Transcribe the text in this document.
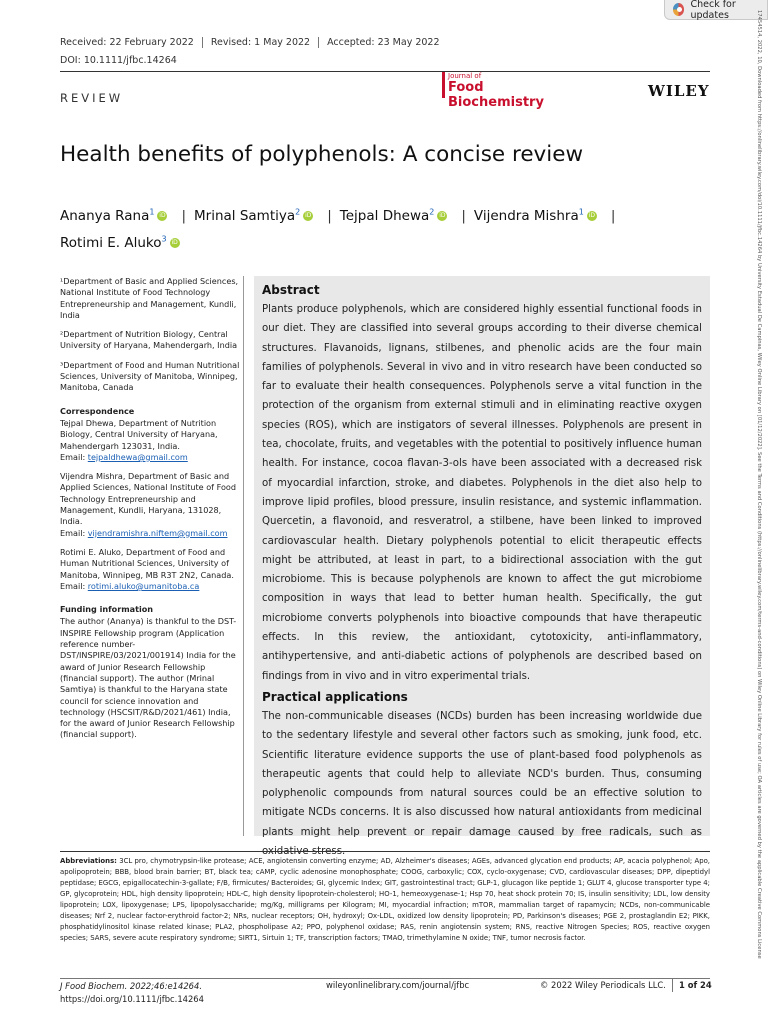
Check for updates	17454514, 2022, 10, Downloaded from https://onlinelibrary.wiley.com/doi/10.1111/jfbc.14264 by University Estadual De Campinas, Wiley Online Library on [01/12/2022]. See the Terms and Conditions (https://onlinelibrary.wiley.com/terms-and-conditions) on Wiley Online Library for rules of use; OA articles are governed by the applicable Creative Commons License
Received: 22 February 2022	Revised: 1 May 2022	Accepted: 23 May 2022
DOI: 10.1111/jfbc.14264
Journal of
Food Biochemistry
WILEY
REVIEW
Health benefits of polyphenols: A concise review
Ananya Rana$^1$ iD | Mrinal Samtiya$^2$ iD | Tejpal Dhewa$^2$ iD | Vijendra Mishra$^1$ iD |
Rotimi E. Aluko$^3$ iD

¹Department of Basic and Applied Sciences, National Institute of Food Technology Entrepreneurship and Management, Kundli, India

²Department of Nutrition Biology, Central University of Haryana, Mahendergarh, India

³Department of Food and Human Nutritional Sciences, University of Manitoba, Winnipeg, Manitoba, Canada

Correspondence

Tejpal Dhewa, Department of Nutrition Biology, Central University of Haryana, Mahendergarh 123031, India.
Email: tejpaldhewa@gmail.com

Vijendra Mishra, Department of Basic and Applied Sciences, National Institute of Food Technology Entrepreneurship and Management, Kundli, Haryana, 131028, India.
Email: vijendramishra.niftem@gmail.com

Rotimi E. Aluko, Department of Food and Human Nutritional Sciences, University of Manitoba, Winnipeg, MB R3T 2N2, Canada.
Email: rotimi.aluko@umanitoba.ca

Funding information

The author (Ananya) is thankful to the DST-INSPIRE Fellowship program (Application reference number- DST/INSPIRE/03/2021/001914) India for the award of Junior Research Fellowship (financial support). The author (Mrinal Samtiya) is thankful to the Haryana state council for science innovation and technology (HSCSIT/R&D/2021/461) India, for the award of Junior Research Fellowship (financial support).

Abstract

Plants produce polyphenols, which are considered highly essential functional foods in our diet. They are classified into several groups according to their diverse chemical structures. Flavanoids, lignans, stilbenes, and phenolic acids are the four main families of polyphenols. Several in vivo and in vitro research have been conducted so far to evaluate their health consequences. Polyphenols serve a vital function in the protection of the organism from external stimuli and in eliminating reactive oxygen species (ROS), which are instigators of several illnesses. Polyphenols are present in tea, chocolate, fruits, and vegetables with the potential to positively influence human health. For instance, cocoa flavan-3-ols have been associated with a decreased risk of myocardial infarction, stroke, and diabetes. Polyphenols in the diet also help to improve lipid profiles, blood pressure, insulin resistance, and systemic inflammation. Quercetin, a flavonoid, and resveratrol, a stilbene, have been linked to improved cardiovascular health. Dietary polyphenols potential to elicit therapeutic effects might be attributed, at least in part, to a bidirectional association with the gut microbiome. This is because polyphenols are known to affect the gut microbiome composition in ways that lead to better human health. Specifically, the gut microbiome converts polyphenols into bioactive compounds that have therapeutic effects. In this review, the antioxidant, cytotoxicity, anti-inflammatory, antihypertensive, and anti-diabetic actions of polyphenols are described based on findings from in vivo and in vitro experimental trials.

Practical applications

The non-communicable diseases (NCDs) burden has been increasing worldwide due to the sedentary lifestyle and several other factors such as smoking, junk food, etc. Scientific literature evidence supports the use of plant-based food polyphenols as therapeutic agents that could help to alleviate NCD's burden. Thus, consuming polyphenolic compounds from natural sources could be an effective solution to mitigate NCDs concerns. It is also discussed how natural antioxidants from medicinal plants might help prevent or repair damage caused by free radicals, such as oxidative stress.

Abbreviations: 3CL pro, chymotrypsin-like protease; ACE, angiotensin converting enzyme; AD, Alzheimer's diseases; AGEs, advanced glycation end products; AP, acacia polyphenol; Apo, apolipoprotein; BBB, blood brain barrier; BT, black tea; cAMP, cyclic adenosine monophosphate; COOG, carboxylic; COX, cyclo-oxygenase; CVD, cardiovascular diseases; DPP, dipeptidyl peptidase; EGCG, epigallocatechin-3-gallate; F/B, firmicutes/ Bacteroides; GI, glycemic Index; GIT, gastrointestinal tract; GLP-1, glucagon like peptide 1; GLUT 4, glucose transporter type 4; GP, glycoprotein; HDL, high density lipoprotein; HDL-C, high density lipoprotein-cholesterol; HO-1, hemeoxygenase-1; Hsp 70, heat shock protein 70; IS, insulin sensitivity; LDL, low density lipoprotein; LOX, lipoxygenase; LPS, lipopolysaccharide; mg/Kg, milligrams per Kilogram; MI, myocardial infraction; mTOR, mammalian target of rapamycin; NCDs, non-communicable diseases; Nrf 2, nuclear factor-erythroid factor-2; NRs, nuclear receptors; OH, hydroxyl; Ox-LDL, oxidized low density lipoprotein; PD, Parkinson's diseases; PGE 2, prostaglandin E2; PIKK, phosphatidylinositol kinase related kinase; PLA2, phospholipase A2; PPO, polyphenol oxidase; RAS, renin angiotensin system; RNS, reactive Nitrogen Species; ROS, reactive oxygen species; SARS, severe acute respiratory syndrome; SIRT1, Sirtuin 1; TF, transcription factors; TMAO, trimethylamine N oxide; TNF, tumor necrosis factor.
J Food Biochem. 2022;46:e14264.
https://doi.org/10.1111/jfbc.14264
wileyonlinelibrary.com/journal/jfbc	© 2022 Wiley Periodicals LLC. 1 of 24
